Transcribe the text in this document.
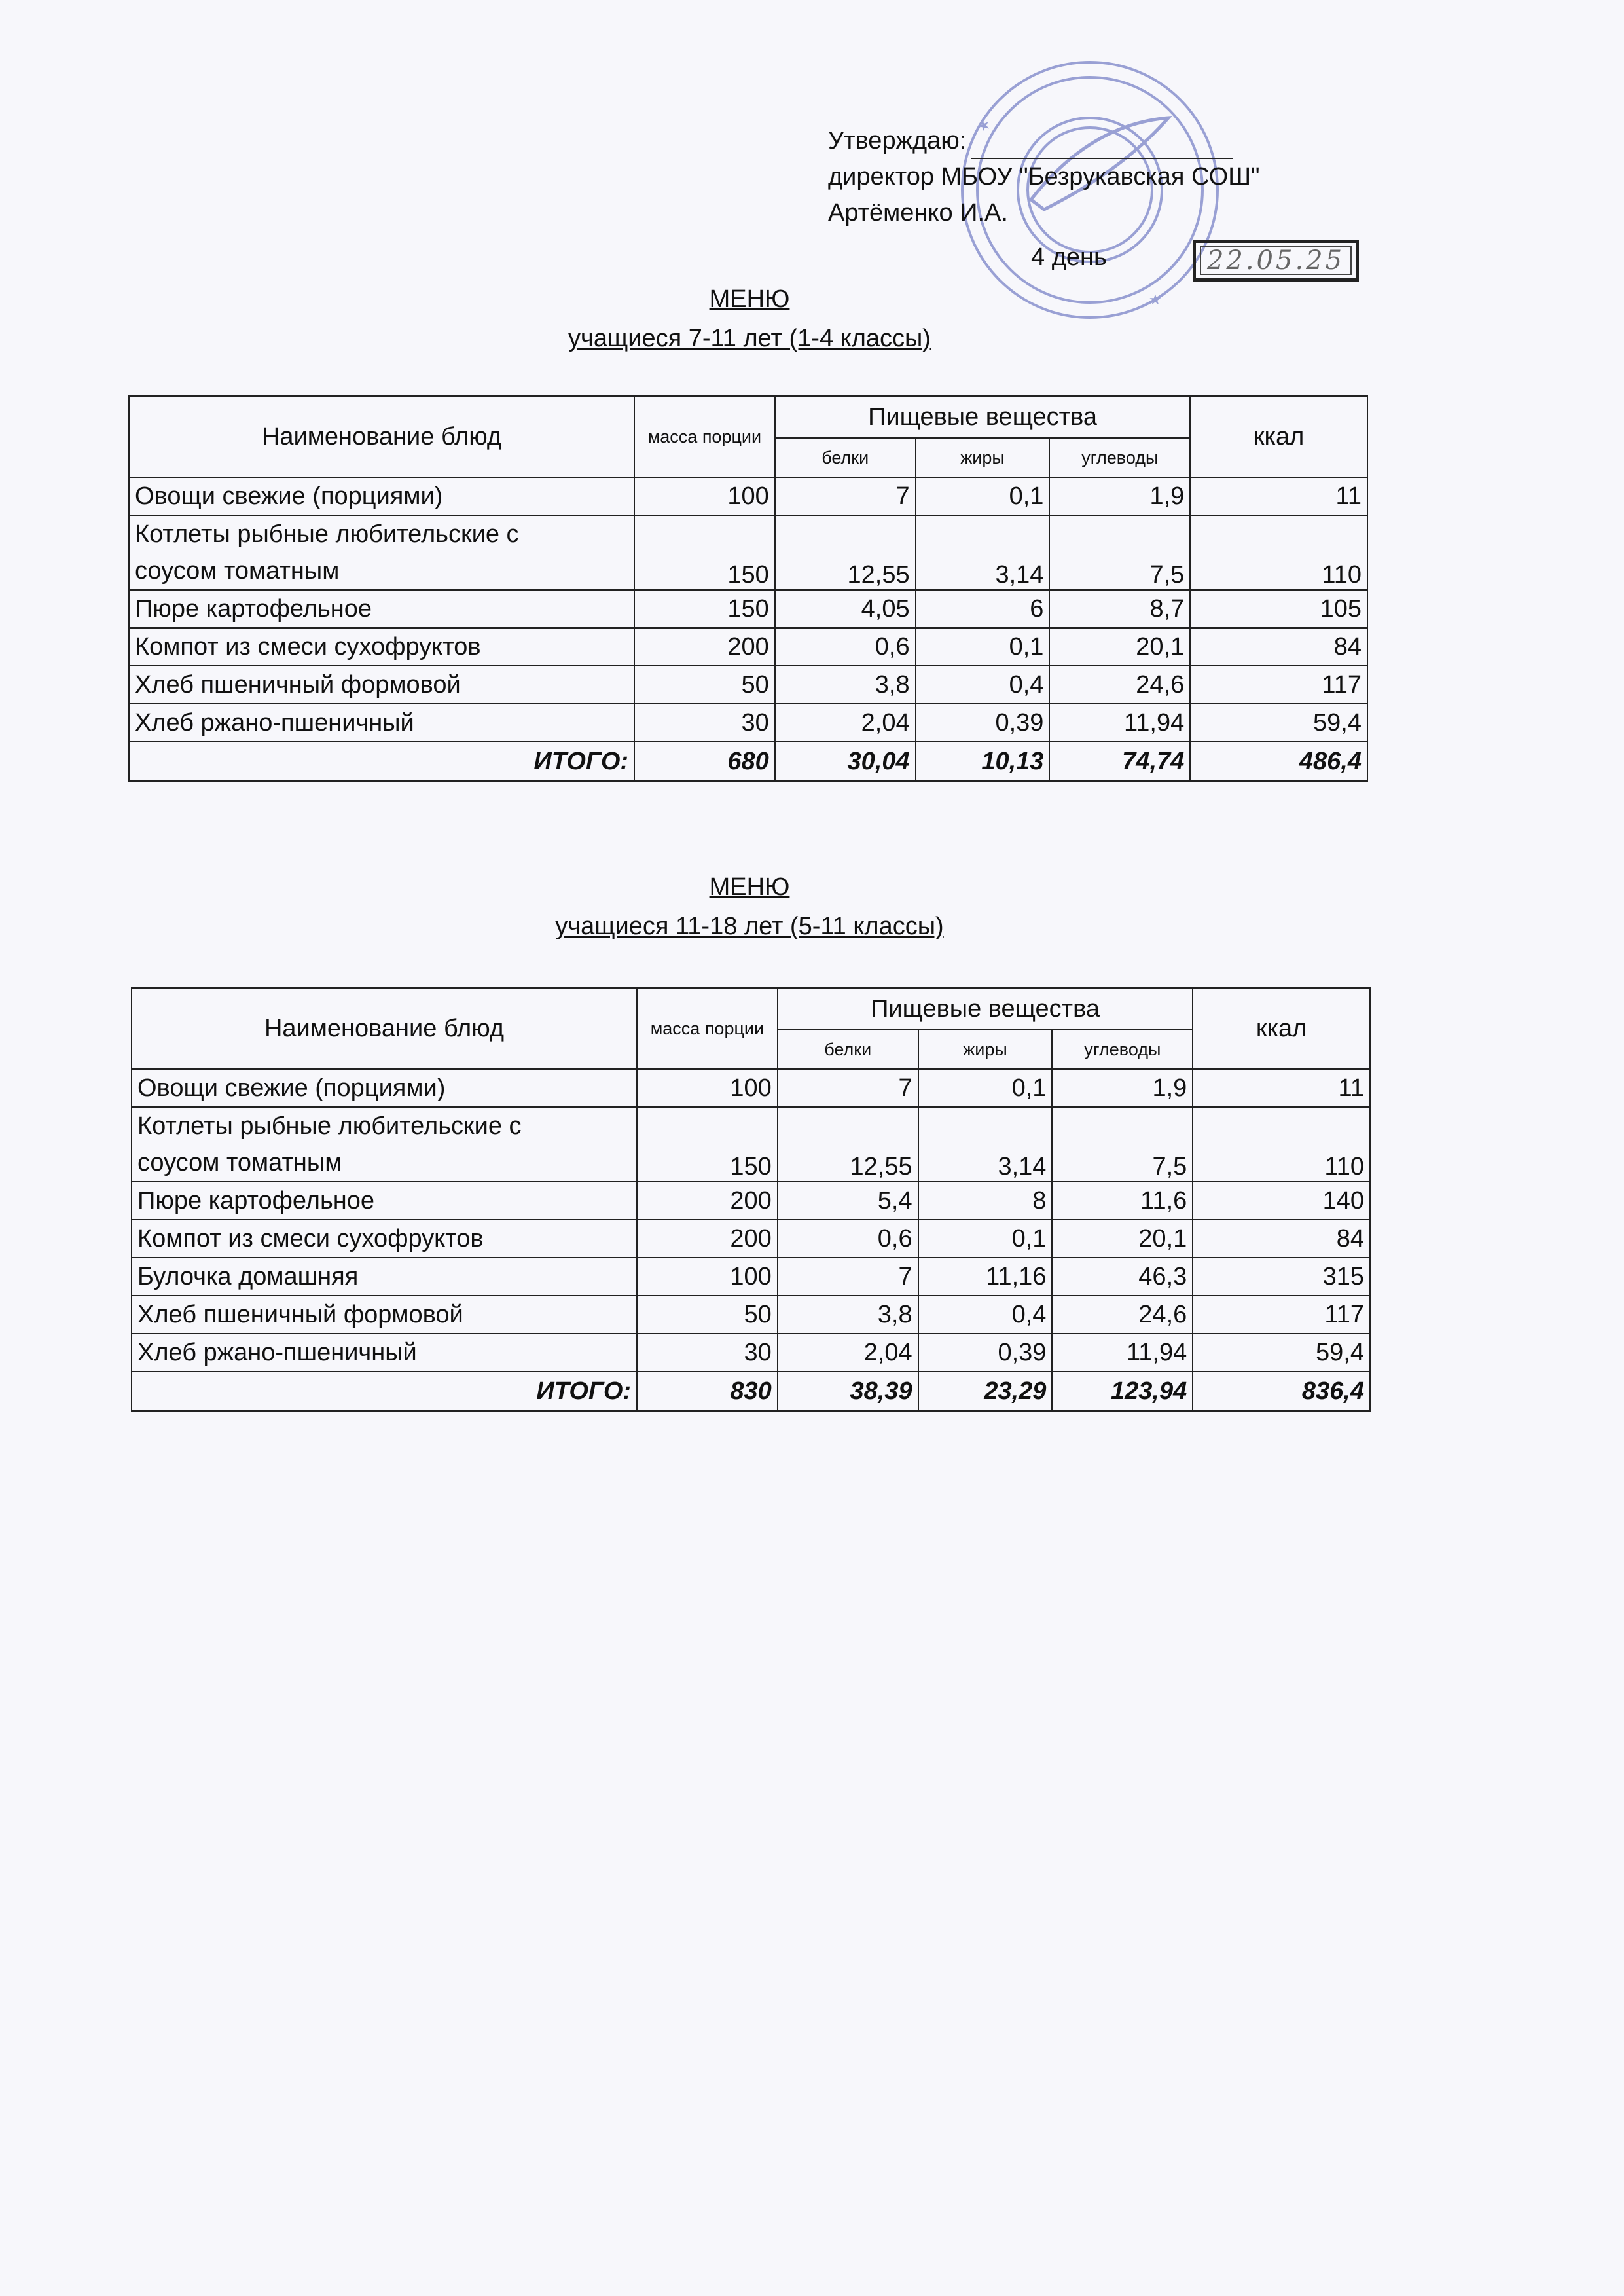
★
★
Утверждаю:
директор МБОУ "Безрукавская СОШ"
Артёменко И.А.
4 день	22.05.25
МЕНЮ
учащиеся 7-11 лет (1-4 классы)
Наименование блюд	масса порции	Пищевые вещества			ккал
		белки	жиры	углеводы	
Овощи свежие (порциями)	100	7	0,1	1,9	11

Котлеты рыбные любительские с
соусом томатным	150	12,55	3,14	7,5	110
Пюре картофельное	150	4,05	6	8,7	105
Компот из смеси сухофруктов	200	0,6	0,1	20,1	84
Хлеб пшеничный формовой	50	3,8	0,4	24,6	117
Хлеб ржано-пшеничный	30	2,04	0,39	11,94	59,4
ИТОГО:	680	30,04	10,13	74,74	486,4
МЕНЮ
учащиеся 11-18 лет (5-11 классы)
Наименование блюд	масса порции	Пищевые вещества			ккал
		белки	жиры	углеводы	
Овощи свежие (порциями)	100	7	0,1	1,9	11

Котлеты рыбные любительские с
соусом томатным	150	12,55	3,14	7,5	110
Пюре картофельное	200	5,4	8	11,6	140
Компот из смеси сухофруктов	200	0,6	0,1	20,1	84
Булочка домашняя	100	7	11,16	46,3	315
Хлеб пшеничный формовой	50	3,8	0,4	24,6	117
Хлеб ржано-пшеничный	30	2,04	0,39	11,94	59,4
ИТОГО:	830	38,39	23,29	123,94	836,4
